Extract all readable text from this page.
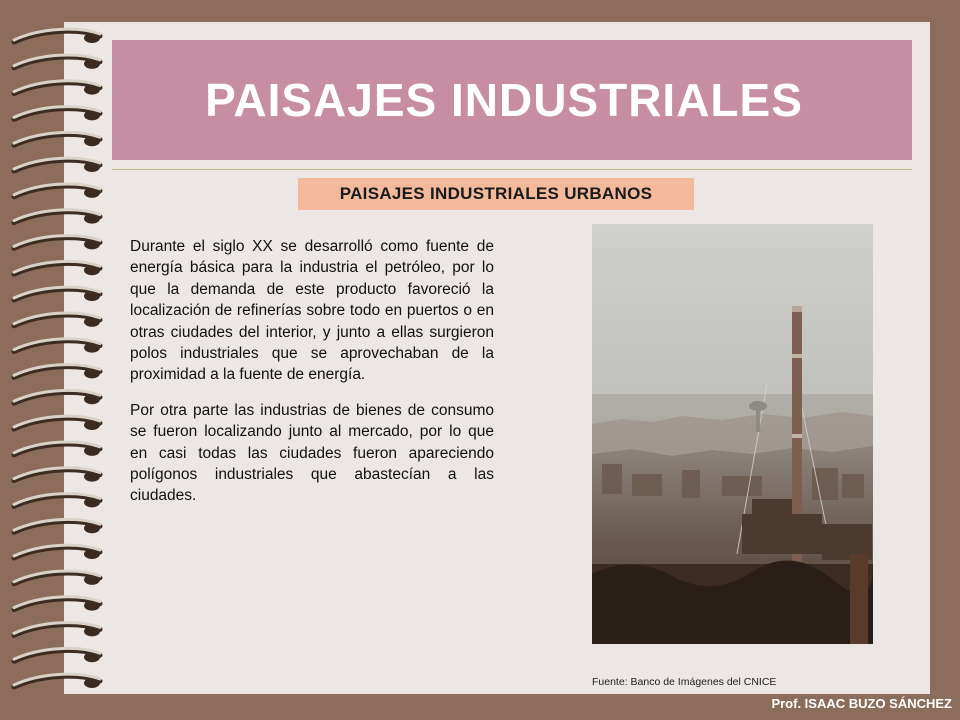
PAISAJES INDUSTRIALES
PAISAJES INDUSTRIALES URBANOS

Durante el siglo XX se desarrolló como fuente de energía básica para la industria el petróleo, por lo que la demanda de este producto favoreció la localización de refinerías sobre todo en puertos o en otras ciudades del interior, y junto a ellas surgieron polos industriales que se aprovechaban de la proximidad a la fuente de energía.

Por otra parte las industrias de bienes de consumo se fueron localizando junto al mercado, por lo que en casi todas las ciudades fueron apareciendo polígonos industriales que abastecían a las ciudades.

Fuente: Banco de Imágenes del CNICE
Prof. ISAAC BUZO SÁNCHEZ
